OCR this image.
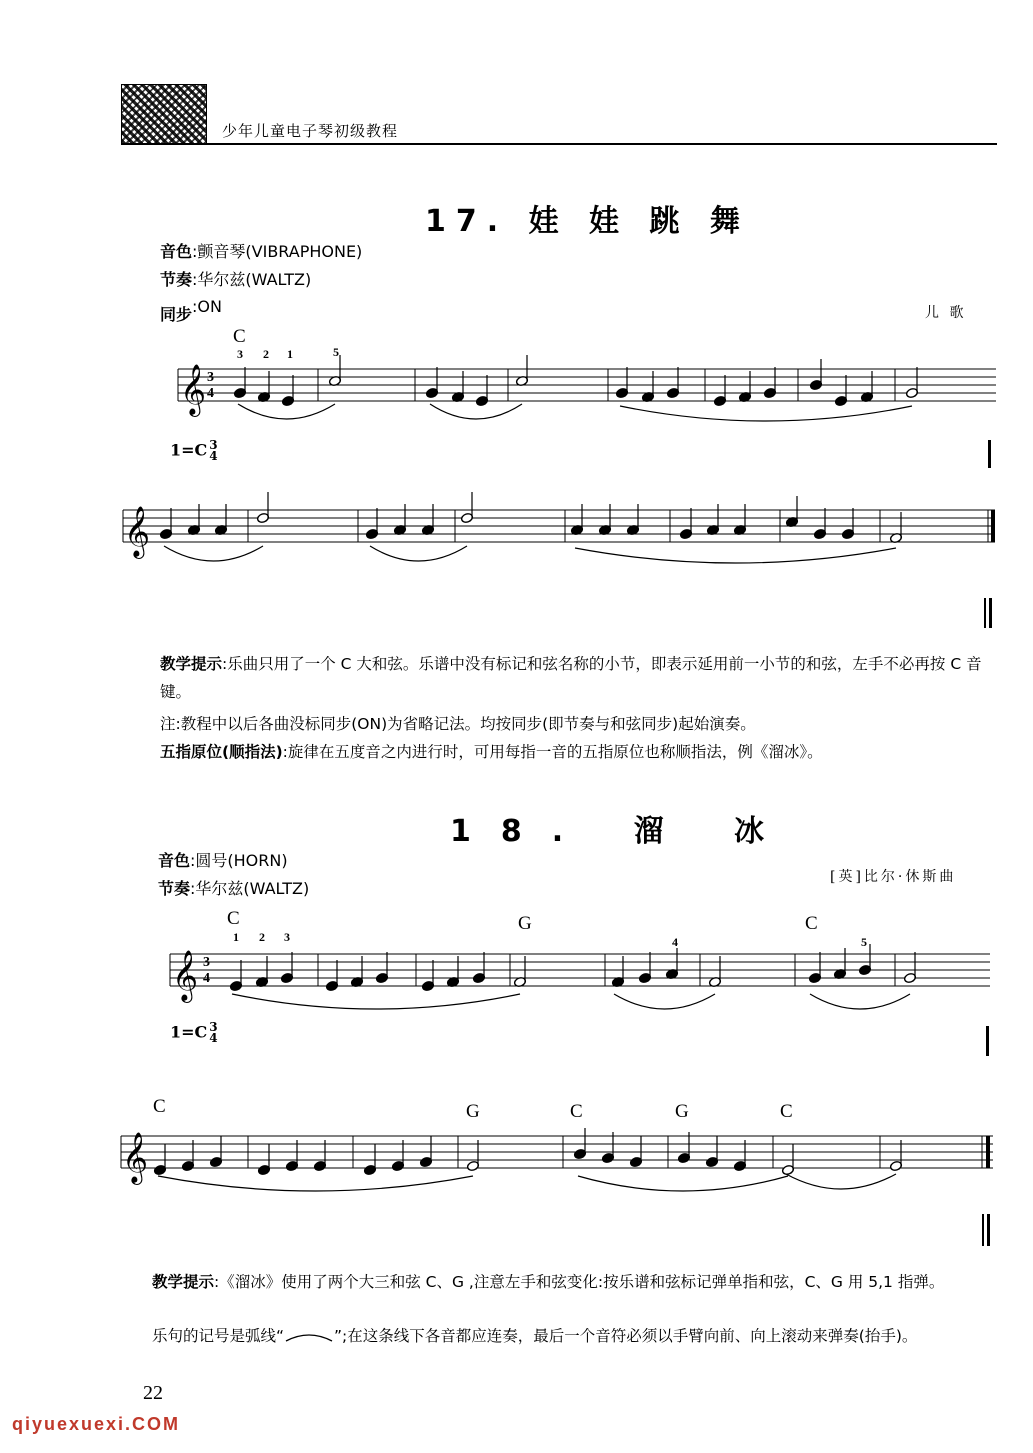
少年儿童电子琴初级教程
17. 娃 娃 跳 舞
音色:颤音琴(VIBRAPHONE)
节奏:华尔兹(WALTZ)
同步:ON	儿 歌
C
3 2 1	5
𝄞 3
4
1=C 3
4
𝄞
教学提示:乐曲只用了一个 C 大和弦。乐谱中没有标记和弦名称的小节，即表示延用前一小节的和弦，左手不必再按 C 音键。
注:教程中以后各曲没标同步(ON)为省略记法。均按同步(即节奏与和弦同步)起始演奏。
五指原位(顺指法):旋律在五度音之内进行时，可用每指一音的五指原位也称顺指法，例《溜冰》。
18. 溜 冰
音色:圆号(HORN)
节奏:华尔兹(WALTZ)
[英]比尔·休斯曲
C	G	C
1 2 3	4	5
𝄞 3
4
1=C 3
4
C	G	C	G	C
𝄞
教学提示:《溜冰》使用了两个大三和弦 C、G ,注意左手和弦变化:按乐谱和弦标记弹单指和弦，C、G 用 5,1 指弹。
乐句的记号是弧线“	”;在这条线下各音都应连奏，最后一个音符必须以手臂向前、向上滚动来弹奏(抬手)。
22
qiyuexuexi.COM
